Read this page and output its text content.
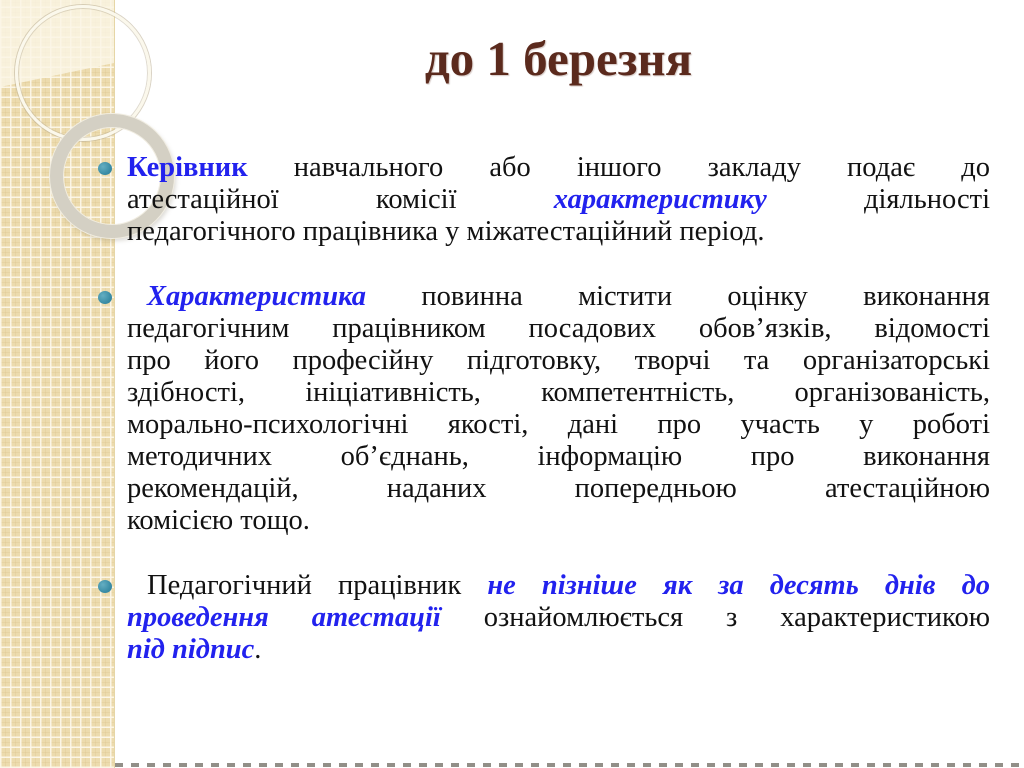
до 1 березня
Керівник навчального або іншого закладу подає до
атестаційної комісії характеристику діяльності
педагогічного працівника у міжатестаційний період.
Характеристика повинна містити оцінку виконання
педагогічним працівником посадових обов’язків, відомості
про його професійну підготовку, творчі та організаторські
здібності, ініціативність, компетентність, організованість,
морально-психологічні якості, дані про участь у роботі
методичних об’єднань, інформацію про виконання
рекомендацій, наданих попередньою атестаційною
комісією тощо.
Педагогічний працівник не пізніше як за десять днів до
проведення атестації ознайомлюється з характеристикою
під підпис.
